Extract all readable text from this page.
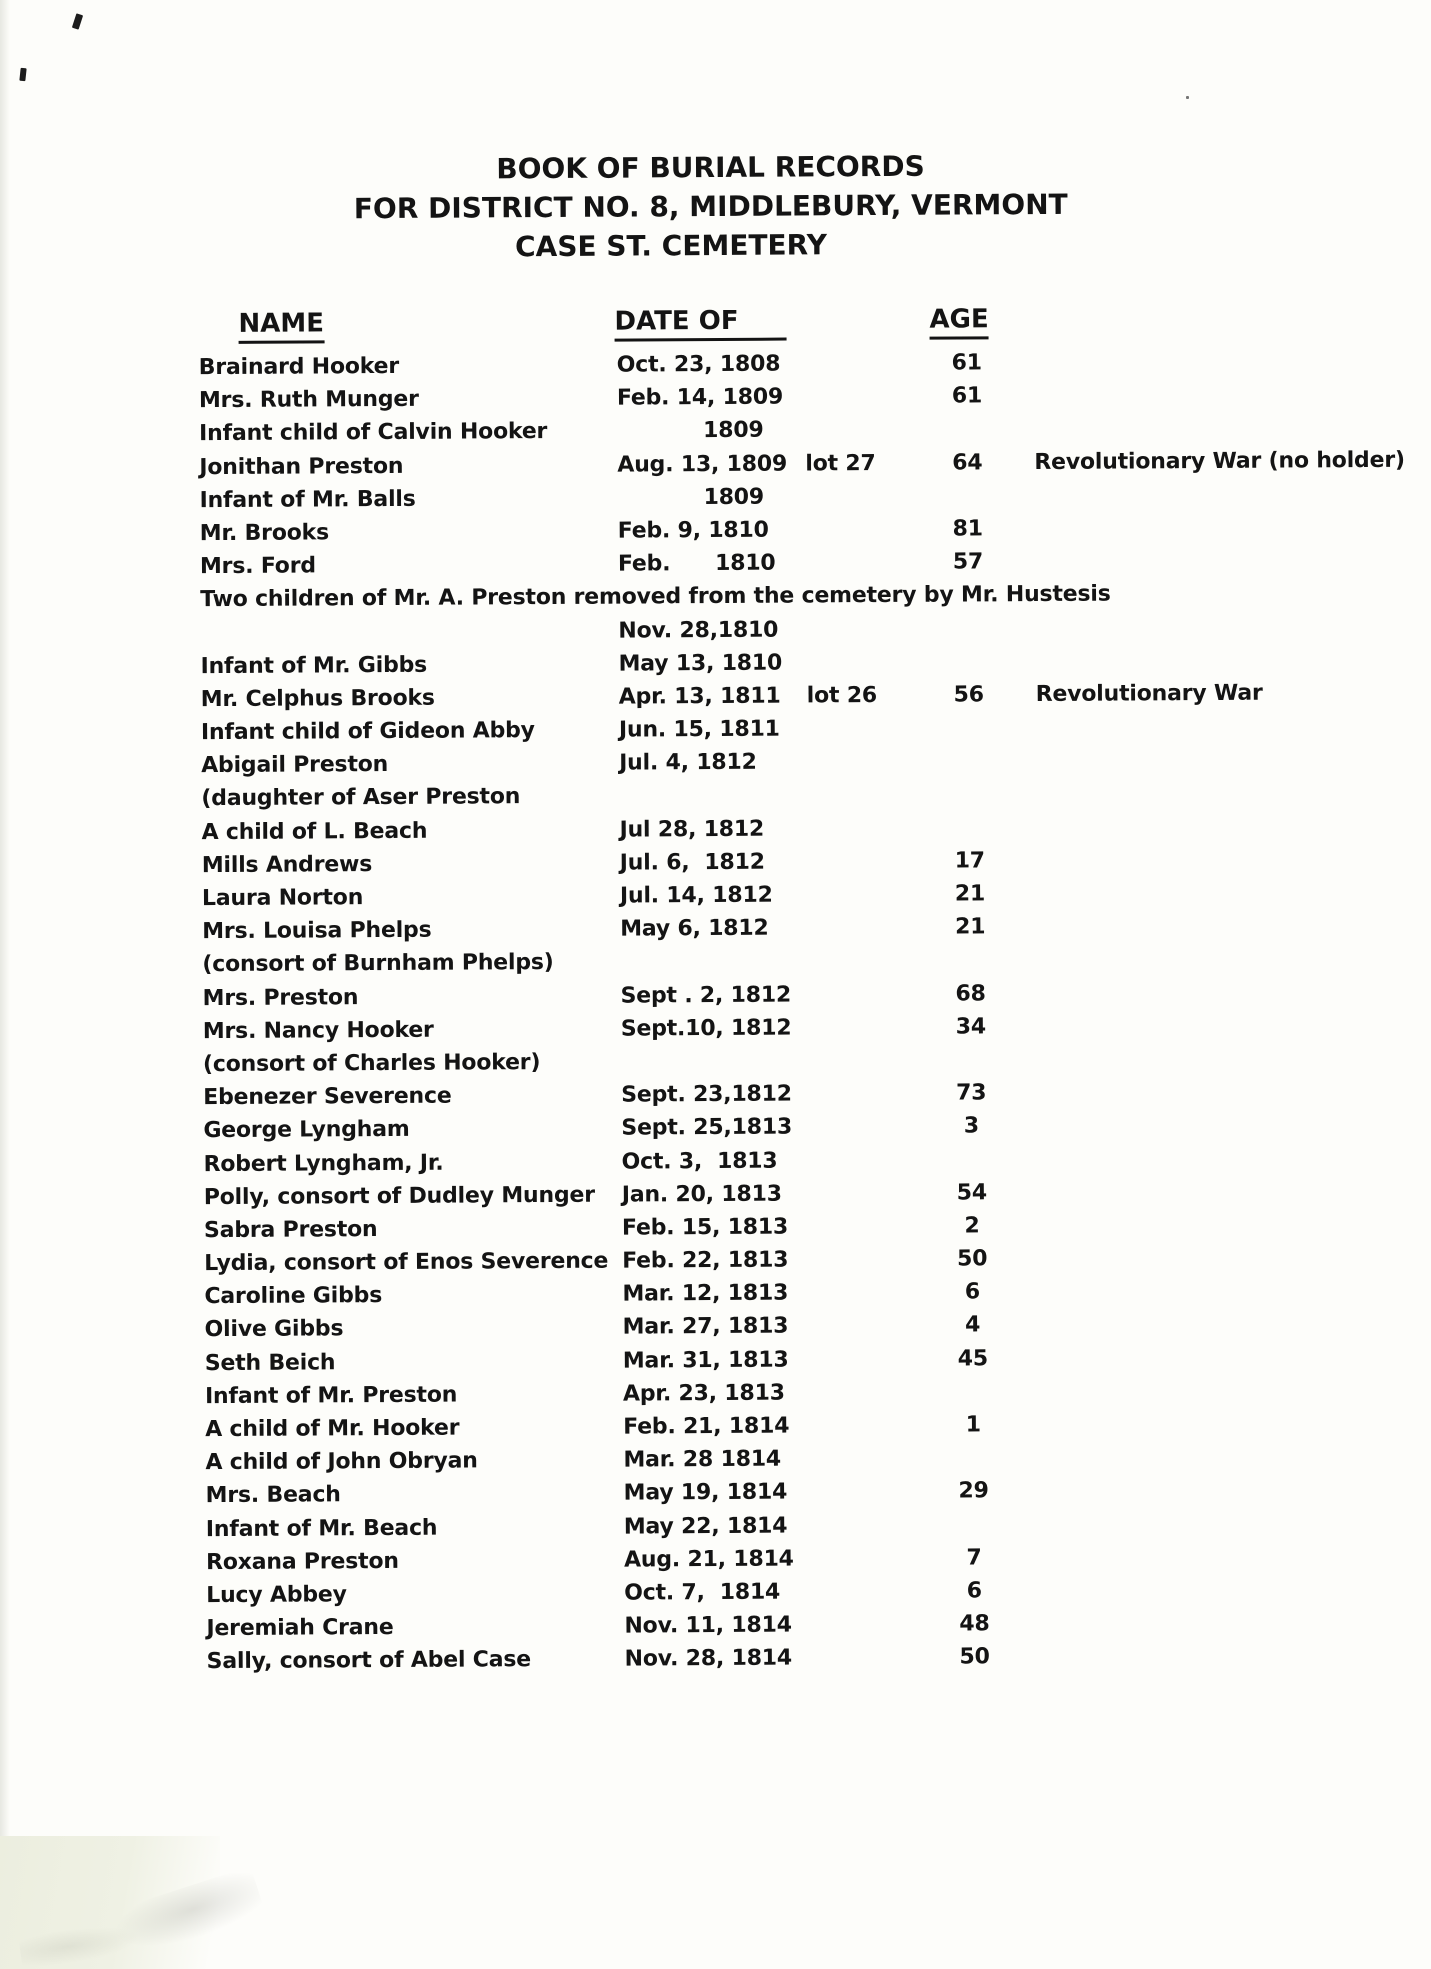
BOOK OF BURIAL RECORDS
FOR DISTRICT NO. 8, MIDDLEBURY, VERMONT
CASE ST. CEMETERY
NAME	DATE OF	AGE
Brainard Hooker	Oct. 23, 1808	61
Mrs. Ruth Munger	Feb. 14, 1809	61
Infant child of Calvin Hooker	1809
Jonithan Preston	Aug. 13, 1809 lot 27	64	Revolutionary War (no holder)
Infant of Mr. Balls	1809
Mr. Brooks	Feb. 9, 1810	81
Mrs. Ford	Feb.      1810	57
Two children of Mr. A. Preston removed from the cemetery by Mr. Hustesis
Nov. 28,1810
Infant of Mr. Gibbs	May 13, 1810
Mr. Celphus Brooks	Apr. 13, 1811	lot 26	56	Revolutionary War
Infant child of Gideon Abby	Jun. 15, 1811
Abigail Preston	Jul. 4, 1812
(daughter of Aser Preston
A child of L. Beach	Jul 28, 1812
Mills Andrews	Jul. 6,  1812	17
Laura Norton	Jul. 14, 1812	21
Mrs. Louisa Phelps	May 6, 1812	21
(consort of Burnham Phelps)
Mrs. Preston	Sept . 2, 1812	68
Mrs. Nancy Hooker	Sept.10, 1812	34
(consort of Charles Hooker)
Ebenezer Severence	Sept. 23,1812	73
George Lyngham	Sept. 25,1813	3
Robert Lyngham, Jr.	Oct. 3,  1813
Polly, consort of Dudley Munger	Jan. 20, 1813	54
Sabra Preston	Feb. 15, 1813	2
Lydia, consort of Enos Severence Feb. 22, 1813	50
Caroline Gibbs	Mar. 12, 1813	6
Olive Gibbs	Mar. 27, 1813	4
Seth Beich	Mar. 31, 1813	45
Infant of Mr. Preston	Apr. 23, 1813
A child of Mr. Hooker	Feb. 21, 1814	1
A child of John Obryan	Mar. 28 1814
Mrs. Beach	May 19, 1814	29
Infant of Mr. Beach	May 22, 1814
Roxana Preston	Aug. 21, 1814	7
Lucy Abbey	Oct. 7,  1814	6
Jeremiah Crane	Nov. 11, 1814	48
Sally, consort of Abel Case	Nov. 28, 1814	50
